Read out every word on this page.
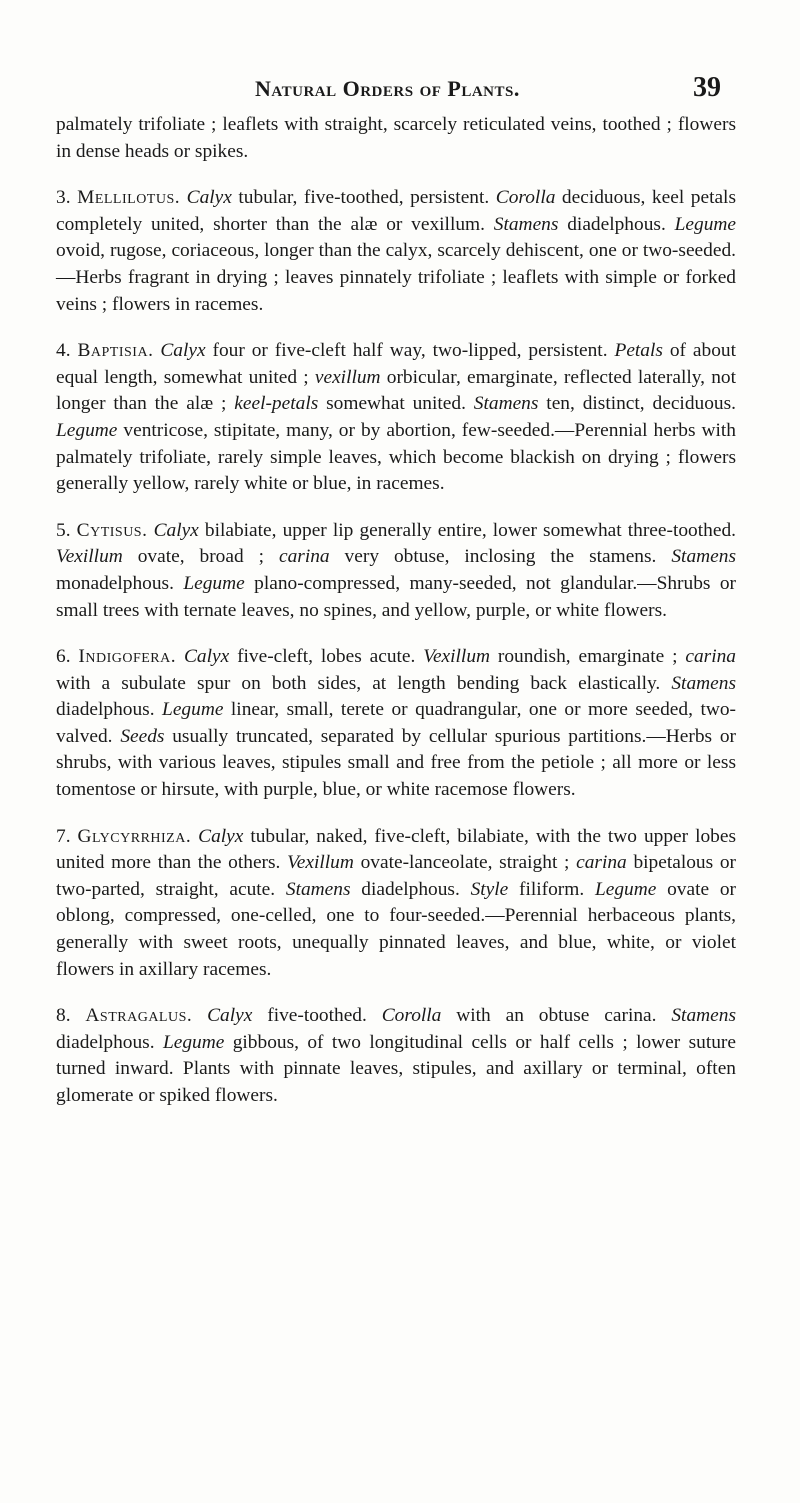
Natural Orders of Plants.	39

palmately trifoliate ; leaflets with straight, scarcely reticulated veins, toothed ; flowers in dense heads or spikes.

3. Mellilotus. Calyx tubular, five-toothed, persistent. Corolla deciduous, keel petals completely united, shorter than the alæ or vexillum. Stamens diadelphous. Legume ovoid, rugose, coriaceous, longer than the calyx, scarcely dehiscent, one or two-seeded.—Herbs fragrant in drying ; leaves pinnately trifoliate ; leaflets with simple or forked veins ; flowers in racemes.

4. Baptisia. Calyx four or five-cleft half way, two-lipped, persistent. Petals of about equal length, somewhat united ; vexillum orbicular, emarginate, reflected laterally, not longer than the alæ ; keel-petals somewhat united. Stamens ten, distinct, deciduous. Legume ventricose, stipitate, many, or by abortion, few-seeded.—Perennial herbs with palmately trifoliate, rarely simple leaves, which become blackish on drying ; flowers generally yellow, rarely white or blue, in racemes.

5. Cytisus. Calyx bilabiate, upper lip generally entire, lower somewhat three-toothed. Vexillum ovate, broad ; carina very obtuse, inclosing the stamens. Stamens monadelphous. Legume plano-compressed, many-seeded, not glandular.—Shrubs or small trees with ternate leaves, no spines, and yellow, purple, or white flowers.

6. Indigofera. Calyx five-cleft, lobes acute. Vexillum roundish, emarginate ; carina with a subulate spur on both sides, at length bending back elastically. Stamens diadelphous. Legume linear, small, terete or quadrangular, one or more seeded, two-valved. Seeds usually truncated, separated by cellular spurious partitions.—Herbs or shrubs, with various leaves, stipules small and free from the petiole ; all more or less tomentose or hirsute, with purple, blue, or white racemose flowers.

7. Glycyrrhiza. Calyx tubular, naked, five-cleft, bilabiate, with the two upper lobes united more than the others. Vexillum ovate-lanceolate, straight ; carina bipetalous or two-parted, straight, acute. Stamens diadelphous. Style filiform. Legume ovate or oblong, compressed, one-celled, one to four-seeded.—Perennial herbaceous plants, generally with sweet roots, unequally pinnated leaves, and blue, white, or violet flowers in axillary racemes.

8. Astragalus. Calyx five-toothed. Corolla with an obtuse carina. Stamens diadelphous. Legume gibbous, of two longitudinal cells or half cells ; lower suture turned inward. Plants with pinnate leaves, stipules, and axillary or terminal, often glomerate or spiked flowers.
